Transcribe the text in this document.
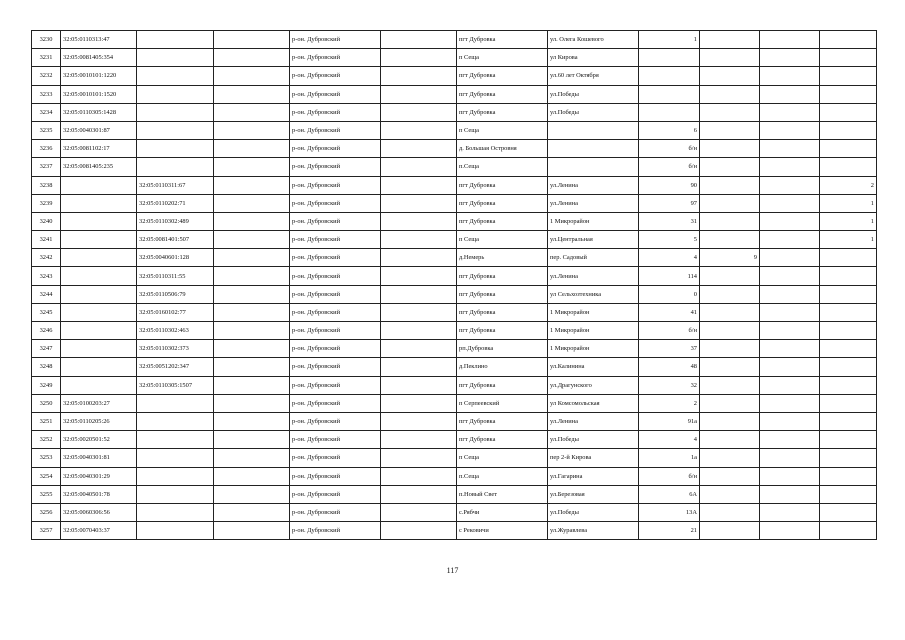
3230	32:05:0110313:47			р-он. Дубровский		пгт Дубровка	ул. Олега Кошевого	1			
3231	32:05:0081405:354			р-он. Дубровский		п Сеща	ул Кирова				
3232	32:05:0010101:1220			р-он. Дубровский		пгт Дубровка	ул.60 лет Октября				
3233	32:05:0010101:1520			р-он. Дубровский		пгт Дубровка	ул.Победы				
3234	32:05:0110305:1428			р-он. Дубровский		пгт Дубровка	ул.Победы				
3235	32:05:0040301:87			р-он. Дубровский		п Сеща		6			
3236	32:05:0081102:17			р-он. Дубровский		д. Большая Островня		б/н			
3237	32:05:0081405:235			р-он. Дубровский		п.Сеща		б/н			
3238		32:05:0110311:67		р-он. Дубровский		пгт Дубровка	ул.Ленина	90			2
3239		32:05:0110202:71		р-он. Дубровский		пгт Дубровка	ул.Ленина	97			1
3240		32:05:0110302:489		р-он. Дубровский		пгт Дубровка	1 Микрорайон	31			1
3241		32:05:0081401:507		р-он. Дубровский		п Сеща	ул.Центральная	5			1
3242		32:05:0040601:128		р-он. Дубровский		д.Немерь	пер. Садовый	4	9		
3243		32:05:0110311:55		р-он. Дубровский		пгт Дубровка	ул.Ленина	114			
3244		32:05:0110506:79		р-он. Дубровский		пгт Дубровка	ул Сельхозтехника	0			
3245		32:05:0160102:77		р-он. Дубровский		пгт Дубровка	1 Микрорайон	41			
3246		32:05:0110302:463		р-он. Дубровский		пгт Дубровка	1 Микрорайон	б/н			
3247		32:05:0110302:373		р-он. Дубровский		рп.Дубровка	1 Микрорайон	37			
3248		32:05:0051202:347		р-он. Дубровский		д.Пеклино	ул.Калинина	48			
3249		32:05:0110305:1507		р-он. Дубровский		пгт Дубровка	ул.Драгунского	32			
3250	32:05:0100203:27			р-он. Дубровский		п Серпеевский	ул Комсомольская	2			
3251	32:05:0110205:26			р-он. Дубровский		пгт Дубровка	ул.Ленина	91а			
3252	32:05:0020501:52			р-он. Дубровский		пгт Дубровка	ул.Победы	4			
3253	32:05:0040301:81			р-он. Дубровский		п Сеща	пер 2-й Кирова	1а			
3254	32:05:0040301:29			р-он. Дубровский		п.Сеща	ул.Гагарина	б/н			
3255	32:05:0040501:78			р-он. Дубровский		п.Новый Свет	ул.Березовая	6А			
3256	32:05:0060306:56			р-он. Дубровский		с.Рябчи	ул.Победы	13А			
3257	32:05:0070403:37			р-он. Дубровский		с Рековичи	ул.Журавлева	21			
117
